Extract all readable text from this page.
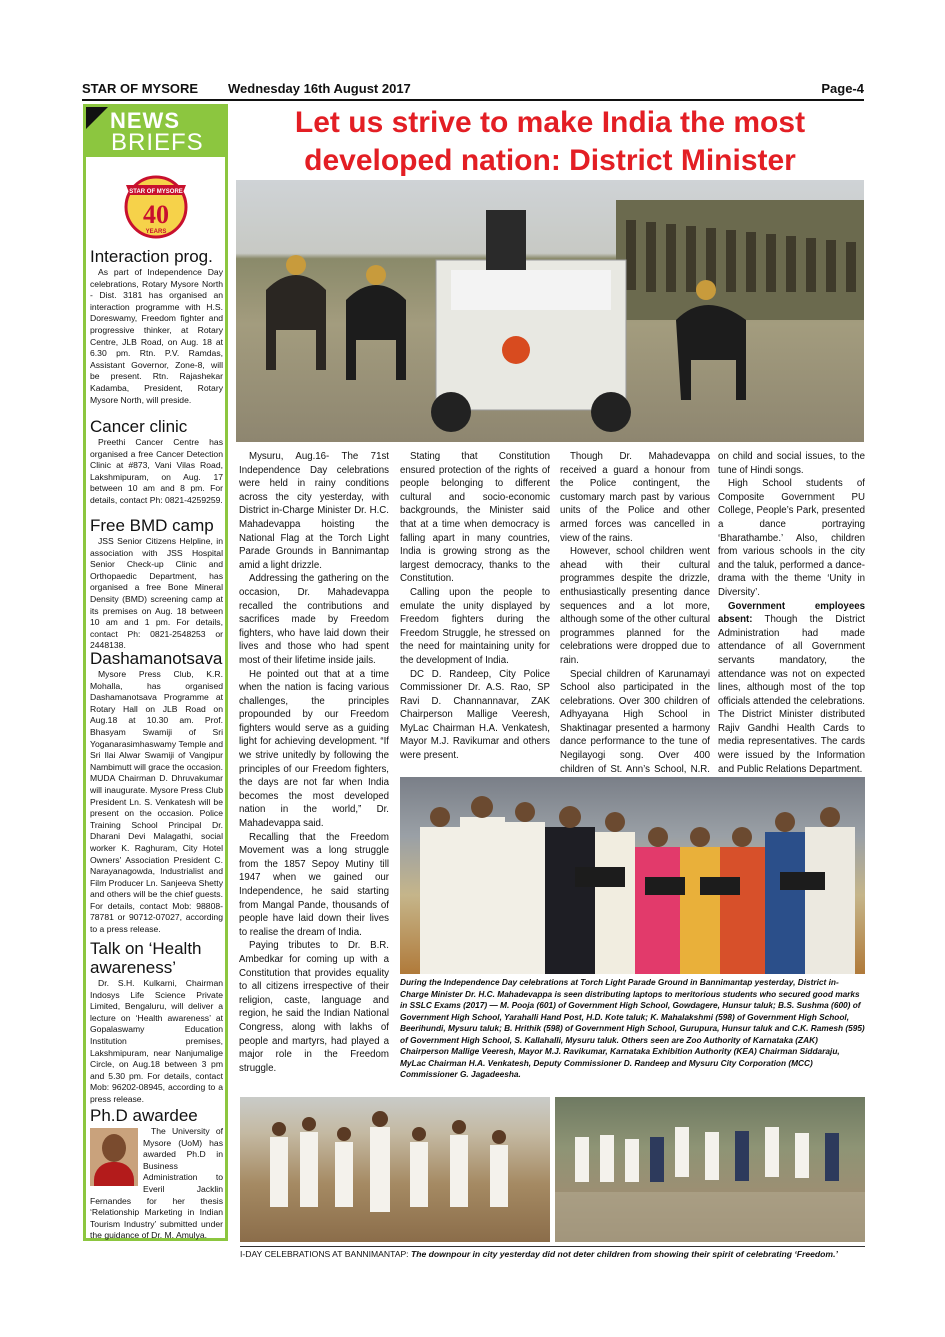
STAR OF MYSORE Wednesday 16th August 2017	Page-4
NEWS
BRIEFS
STAR OF MYSORE
40
YEARS
Interaction prog.

As part of Independence Day celebrations, Rotary Mysore North - Dist. 3181 has organised an interaction programme with H.S. Doreswamy, Freedom fighter and progressive thinker, at Rotary Centre, JLB Road, on Aug. 18 at 6.30 pm. Rtn. P.V. Ramdas, Assistant Governor, Zone-8, will be present. Rtn. Rajashekar Kadamba, President, Rotary Mysore North, will preside.

Cancer clinic

Preethi Cancer Centre has organised a free Cancer Detection Clinic at #873, Vani Vilas Road, Lakshmipuram, on Aug. 17 between 10 am and 8 pm. For details, contact Ph: 0821-4259259.

Free BMD camp

JSS Senior Citizens Helpline, in association with JSS Hospital Senior Check-up Clinic and Orthopaedic Department, has organised a free Bone Mineral Density (BMD) screening camp at its premises on Aug. 18 between 10 am and 1 pm. For details, contact Ph: 0821-2548253 or 2448138.

Dashamanotsava

Mysore Press Club, K.R. Mohalla, has organised Dashamanotsava Programme at Rotary Hall on JLB Road on Aug.18 at 10.30 am. Prof. Bhasyam Swamiji of Sri Yoganarasimhaswamy Temple and Sri Ilai Alwar Swamiji of Vangipur Nambimutt will grace the occasion. MUDA Chairman D. Dhruvakumar will inaugurate. Mysore Press Club President Ln. S. Venkatesh will be present on the occasion. Police Training School Principal Dr. Dharani Devi Malagathi, social worker K. Raghuram, City Hotel Owners' Association President C. Narayanagowda, Industrialist and Film Producer Ln. Sanjeeva Shetty and others will be the chief guests. For details, contact Mob: 98808-78781 or 90712-07027, according to a press release.

Talk on ‘Health awareness’

Dr. S.H. Kulkarni, Chairman Indosys Life Science Private Limited, Bengaluru, will deliver a lecture on ‘Health awareness’ at Gopalaswamy Education Institution premises, Lakshmipuram, near Nanjumalige Circle, on Aug.18 between 3 pm and 5.30 pm. For details, contact Mob: 96202-08945, according to a press release.

Ph.D awardee

The University of Mysore (UoM) has awarded Ph.D in Business Administration to Everil Jacklin Fernandes for her thesis ‘Relationship Marketing in Indian Tourism Industry’ submitted under the guidance of Dr. M. Amulya.

Let us strive to make India the most
developed nation: District Minister

Mysuru, Aug.16- The 71st Independence Day celebrations were held in rainy conditions across the city yesterday, with District in-Charge Minister Dr. H.C. Mahadevappa hoisting the National Flag at the Torch Light Parade Grounds in Bannimantap amid a light drizzle.

Addressing the gathering on the occasion, Dr. Mahadevappa recalled the contributions and sacrifices made by Freedom fighters, who have laid down their lives and those who had spent most of their lifetime inside jails.

He pointed out that at a time when the nation is facing various challenges, the principles propounded by our Freedom fighters would serve as a guiding light for achieving development. “If we strive unitedly by following the principles of our Freedom fighters, the days are not far when India becomes the most developed nation in the world,” Dr. Mahadevappa said.

Recalling that the Freedom Movement was a long struggle from the 1857 Sepoy Mutiny till 1947 when we gained our Independence, he said starting from Mangal Pande, thousands of people have laid down their lives to realise the dream of India.

Paying tributes to Dr. B.R. Ambedkar for coming up with a Constitution that provides equality to all citizens irrespective of their religion, caste, language and region, he said the Indian National Congress, along with lakhs of people and martyrs, had played a major role in the Freedom struggle.

Stating that Constitution ensured protection of the rights of people belonging to different cultural and socio-economic backgrounds, the Minister said that at a time when democracy is falling apart in many countries, India is growing strong as the largest democracy, thanks to the Constitution.

Calling upon the people to emulate the unity displayed by Freedom fighters during the Freedom Struggle, he stressed on the need for maintaining unity for the development of India.

DC D. Randeep, City Police Commissioner Dr. A.S. Rao, SP Ravi D. Channannavar, ZAK Chairperson Mallige Veeresh, MyLac Chairman H.A. Venkatesh, Mayor M.J. Ravikumar and others were present.

Though Dr. Mahadevappa received a guard a honour from the Police contingent, the customary march past by various units of the Police and other armed forces was cancelled in view of the rains.

However, school children went ahead with their cultural programmes despite the drizzle, enthusiastically presenting dance sequences and a lot more, although some of the other cultural programmes planned for the celebrations were dropped due to rain.

Special children of Karunamayi School also participated in the celebrations. Over 300 children of Adhyayana High School in Shaktinagar presented a harmony dance performance to the tune of Negilayogi song. Over 400 children of St. Ann’s School, N.R.

on child and social issues, to the tune of Hindi songs.

High School students of Composite Government PU College, People’s Park, presented a dance portraying ‘Bharathambe.’ Also, children from various schools in the city and the taluk, performed a dance-drama with the theme ‘Unity in Diversity’.

Government employees absent: Though the District Administration had made attendance of all Government servants mandatory, the attendance was not on expected lines, although most of the top officials attended the celebrations. The District Minister distributed Rajiv Gandhi Health Cards to media representatives. The cards were issued by the Information and Public Relations Department.

During the Independence Day celebrations at Torch Light Parade Ground in Bannimantap yesterday, District in-Charge Minister Dr. H.C. Mahadevappa is seen distributing laptops to meritorious students who secured good marks in SSLC Exams (2017) — M. Pooja (601) of Government High School, Gowdagere, Hunsur taluk; B.S. Sushma (600) of Government High School, Yarahalli Hand Post, H.D. Kote taluk; K. Mahalakshmi (598) of Government High School, Beerihundi, Mysuru taluk; B. Hrithik (598) of Government High School, Gurupura, Hunsur taluk and C.K. Ramesh (595) of Government High School, S. Kallahalli, Mysuru taluk. Others seen are Zoo Authority of Karnataka (ZAK) Chairperson Mallige Veeresh, Mayor M.J. Ravikumar, Karnataka Exhibition Authority (KEA) Chairman Siddaraju, MyLac Chairman H.A. Venkatesh, Deputy Commissioner D. Randeep and Mysuru City Corporation (MCC) Commissioner G. Jagadeesha.
I-DAY CELEBRATIONS AT BANNIMANTAP: The downpour in city yesterday did not deter children from showing their spirit of celebrating ‘Freedom.’
